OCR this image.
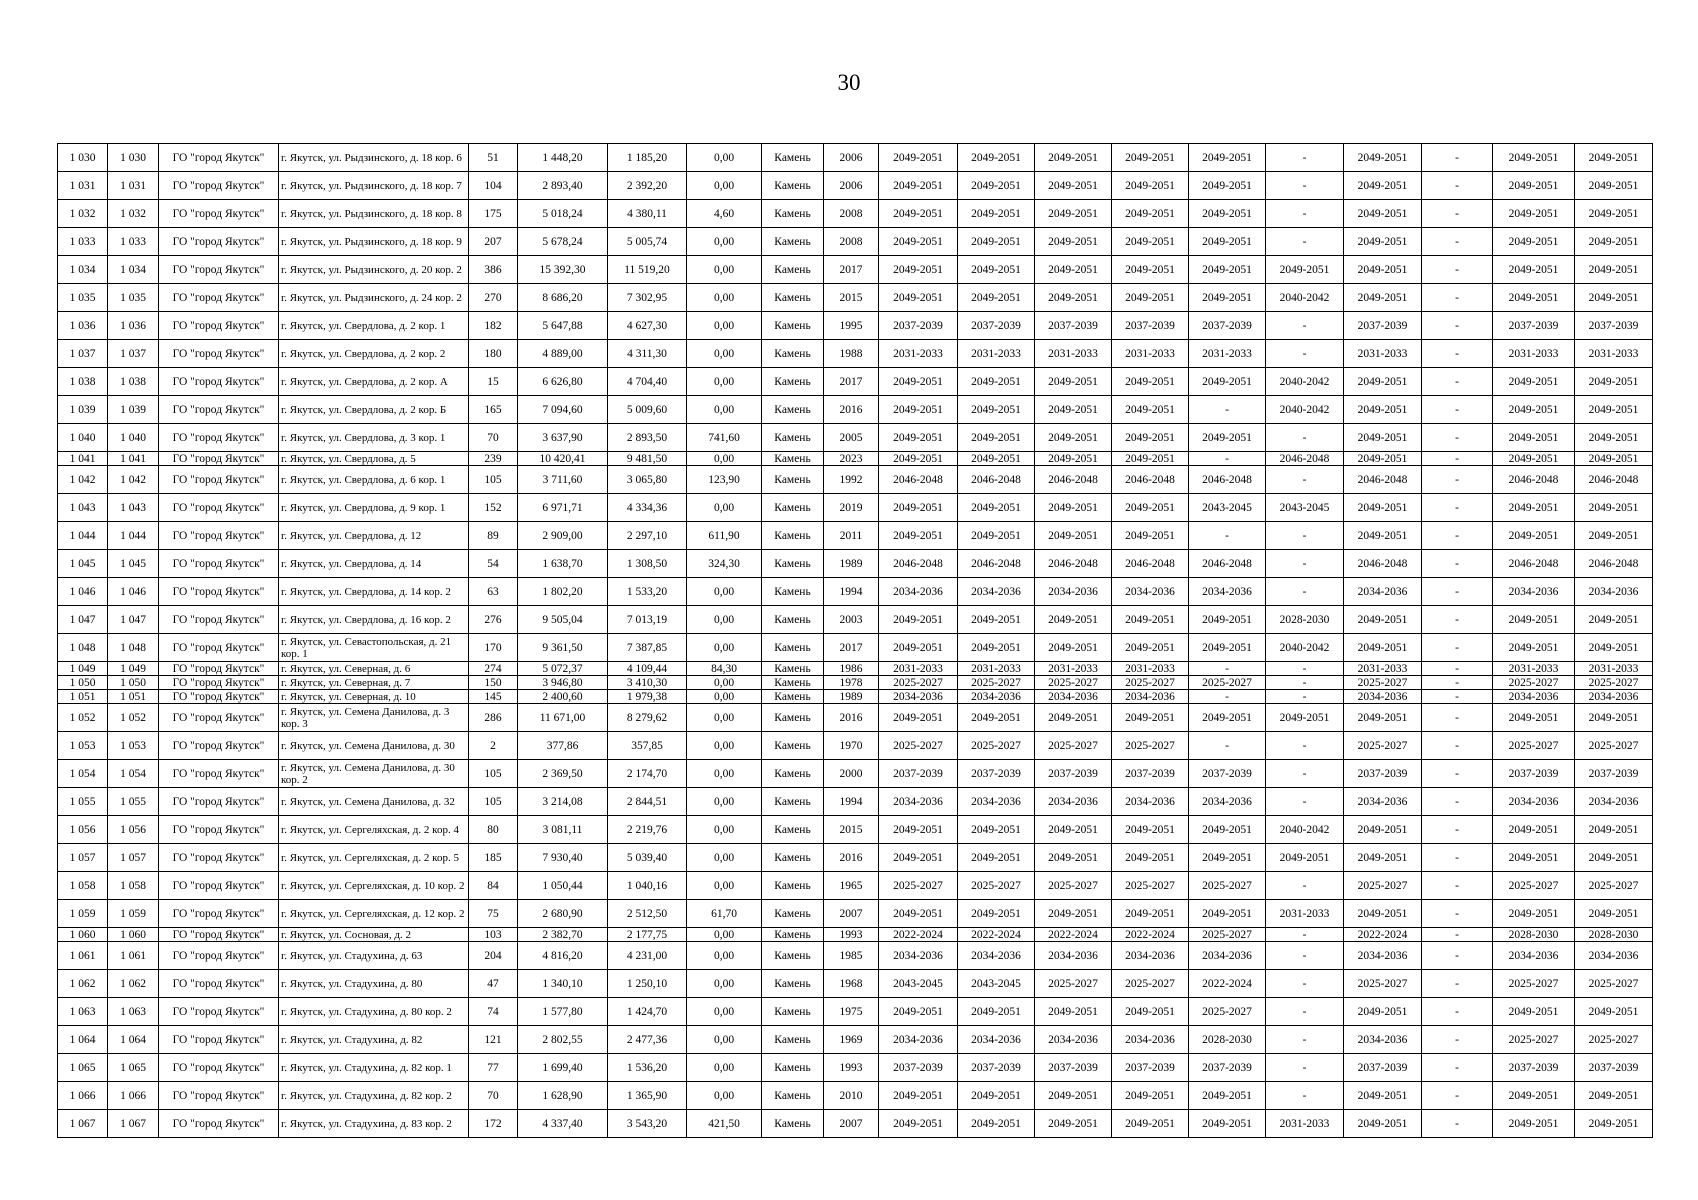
30
1 030	1 030	ГО "город Якутск"	г. Якутск, ул. Рыдзинского, д. 18 кор. 6	51	1 448,20	1 185,20	0,00	Камень	2006	2049-2051	2049-2051	2049-2051	2049-2051	2049-2051	-	2049-2051	-	2049-2051	2049-2051
1 031	1 031	ГО "город Якутск"	г. Якутск, ул. Рыдзинского, д. 18 кор. 7	104	2 893,40	2 392,20	0,00	Камень	2006	2049-2051	2049-2051	2049-2051	2049-2051	2049-2051	-	2049-2051	-	2049-2051	2049-2051
1 032	1 032	ГО "город Якутск"	г. Якутск, ул. Рыдзинского, д. 18 кор. 8	175	5 018,24	4 380,11	4,60	Камень	2008	2049-2051	2049-2051	2049-2051	2049-2051	2049-2051	-	2049-2051	-	2049-2051	2049-2051
1 033	1 033	ГО "город Якутск"	г. Якутск, ул. Рыдзинского, д. 18 кор. 9	207	5 678,24	5 005,74	0,00	Камень	2008	2049-2051	2049-2051	2049-2051	2049-2051	2049-2051	-	2049-2051	-	2049-2051	2049-2051
1 034	1 034	ГО "город Якутск"	г. Якутск, ул. Рыдзинского, д. 20 кор. 2	386	15 392,30	11 519,20	0,00	Камень	2017	2049-2051	2049-2051	2049-2051	2049-2051	2049-2051	2049-2051	2049-2051	-	2049-2051	2049-2051
1 035	1 035	ГО "город Якутск"	г. Якутск, ул. Рыдзинского, д. 24 кор. 2	270	8 686,20	7 302,95	0,00	Камень	2015	2049-2051	2049-2051	2049-2051	2049-2051	2049-2051	2040-2042	2049-2051	-	2049-2051	2049-2051
1 036	1 036	ГО "город Якутск"	г. Якутск, ул. Свердлова, д. 2 кор. 1	182	5 647,88	4 627,30	0,00	Камень	1995	2037-2039	2037-2039	2037-2039	2037-2039	2037-2039	-	2037-2039	-	2037-2039	2037-2039
1 037	1 037	ГО "город Якутск"	г. Якутск, ул. Свердлова, д. 2 кор. 2	180	4 889,00	4 311,30	0,00	Камень	1988	2031-2033	2031-2033	2031-2033	2031-2033	2031-2033	-	2031-2033	-	2031-2033	2031-2033
1 038	1 038	ГО "город Якутск"	г. Якутск, ул. Свердлова, д. 2 кор. А	15	6 626,80	4 704,40	0,00	Камень	2017	2049-2051	2049-2051	2049-2051	2049-2051	2049-2051	2040-2042	2049-2051	-	2049-2051	2049-2051
1 039	1 039	ГО "город Якутск"	г. Якутск, ул. Свердлова, д. 2 кор. Б	165	7 094,60	5 009,60	0,00	Камень	2016	2049-2051	2049-2051	2049-2051	2049-2051	-	2040-2042	2049-2051	-	2049-2051	2049-2051
1 040	1 040	ГО "город Якутск"	г. Якутск, ул. Свердлова, д. 3 кор. 1	70	3 637,90	2 893,50	741,60	Камень	2005	2049-2051	2049-2051	2049-2051	2049-2051	2049-2051	-	2049-2051	-	2049-2051	2049-2051
1 041	1 041	ГО "город Якутск"	г. Якутск, ул. Свердлова, д. 5	239	10 420,41	9 481,50	0,00	Камень	2023	2049-2051	2049-2051	2049-2051	2049-2051	-	2046-2048	2049-2051	-	2049-2051	2049-2051
1 042	1 042	ГО "город Якутск"	г. Якутск, ул. Свердлова, д. 6 кор. 1	105	3 711,60	3 065,80	123,90	Камень	1992	2046-2048	2046-2048	2046-2048	2046-2048	2046-2048	-	2046-2048	-	2046-2048	2046-2048
1 043	1 043	ГО "город Якутск"	г. Якутск, ул. Свердлова, д. 9 кор. 1	152	6 971,71	4 334,36	0,00	Камень	2019	2049-2051	2049-2051	2049-2051	2049-2051	2043-2045	2043-2045	2049-2051	-	2049-2051	2049-2051
1 044	1 044	ГО "город Якутск"	г. Якутск, ул. Свердлова, д. 12	89	2 909,00	2 297,10	611,90	Камень	2011	2049-2051	2049-2051	2049-2051	2049-2051	-	-	2049-2051	-	2049-2051	2049-2051
1 045	1 045	ГО "город Якутск"	г. Якутск, ул. Свердлова, д. 14	54	1 638,70	1 308,50	324,30	Камень	1989	2046-2048	2046-2048	2046-2048	2046-2048	2046-2048	-	2046-2048	-	2046-2048	2046-2048
1 046	1 046	ГО "город Якутск"	г. Якутск, ул. Свердлова, д. 14 кор. 2	63	1 802,20	1 533,20	0,00	Камень	1994	2034-2036	2034-2036	2034-2036	2034-2036	2034-2036	-	2034-2036	-	2034-2036	2034-2036
1 047	1 047	ГО "город Якутск"	г. Якутск, ул. Свердлова, д. 16 кор. 2	276	9 505,04	7 013,19	0,00	Камень	2003	2049-2051	2049-2051	2049-2051	2049-2051	2049-2051	2028-2030	2049-2051	-	2049-2051	2049-2051
1 048	1 048	ГО "город Якутск"	г. Якутск, ул. Севастопольская, д. 21 кор. 1	170	9 361,50	7 387,85	0,00	Камень	2017	2049-2051	2049-2051	2049-2051	2049-2051	2049-2051	2040-2042	2049-2051	-	2049-2051	2049-2051
1 049	1 049	ГО "город Якутск"	г. Якутск, ул. Северная, д. 6	274	5 072,37	4 109,44	84,30	Камень	1986	2031-2033	2031-2033	2031-2033	2031-2033	-	-	2031-2033	-	2031-2033	2031-2033
1 050	1 050	ГО "город Якутск"	г. Якутск, ул. Северная, д. 7	150	3 946,80	3 410,30	0,00	Камень	1978	2025-2027	2025-2027	2025-2027	2025-2027	2025-2027	-	2025-2027	-	2025-2027	2025-2027
1 051	1 051	ГО "город Якутск"	г. Якутск, ул. Северная, д. 10	145	2 400,60	1 979,38	0,00	Камень	1989	2034-2036	2034-2036	2034-2036	2034-2036	-	-	2034-2036	-	2034-2036	2034-2036
1 052	1 052	ГО "город Якутск"	г. Якутск, ул. Семена Данилова, д. 3 кор. 3	286	11 671,00	8 279,62	0,00	Камень	2016	2049-2051	2049-2051	2049-2051	2049-2051	2049-2051	2049-2051	2049-2051	-	2049-2051	2049-2051
1 053	1 053	ГО "город Якутск"	г. Якутск, ул. Семена Данилова, д. 30	2	377,86	357,85	0,00	Камень	1970	2025-2027	2025-2027	2025-2027	2025-2027	-	-	2025-2027	-	2025-2027	2025-2027
1 054	1 054	ГО "город Якутск"	г. Якутск, ул. Семена Данилова, д. 30 кор. 2	105	2 369,50	2 174,70	0,00	Камень	2000	2037-2039	2037-2039	2037-2039	2037-2039	2037-2039	-	2037-2039	-	2037-2039	2037-2039
1 055	1 055	ГО "город Якутск"	г. Якутск, ул. Семена Данилова, д. 32	105	3 214,08	2 844,51	0,00	Камень	1994	2034-2036	2034-2036	2034-2036	2034-2036	2034-2036	-	2034-2036	-	2034-2036	2034-2036
1 056	1 056	ГО "город Якутск"	г. Якутск, ул. Сергеляхская, д. 2 кор. 4	80	3 081,11	2 219,76	0,00	Камень	2015	2049-2051	2049-2051	2049-2051	2049-2051	2049-2051	2040-2042	2049-2051	-	2049-2051	2049-2051
1 057	1 057	ГО "город Якутск"	г. Якутск, ул. Сергеляхская, д. 2 кор. 5	185	7 930,40	5 039,40	0,00	Камень	2016	2049-2051	2049-2051	2049-2051	2049-2051	2049-2051	2049-2051	2049-2051	-	2049-2051	2049-2051
1 058	1 058	ГО "город Якутск"	г. Якутск, ул. Сергеляхская, д. 10 кор. 2	84	1 050,44	1 040,16	0,00	Камень	1965	2025-2027	2025-2027	2025-2027	2025-2027	2025-2027	-	2025-2027	-	2025-2027	2025-2027
1 059	1 059	ГО "город Якутск"	г. Якутск, ул. Сергеляхская, д. 12 кор. 2	75	2 680,90	2 512,50	61,70	Камень	2007	2049-2051	2049-2051	2049-2051	2049-2051	2049-2051	2031-2033	2049-2051	-	2049-2051	2049-2051
1 060	1 060	ГО "город Якутск"	г. Якутск, ул. Сосновая, д. 2	103	2 382,70	2 177,75	0,00	Камень	1993	2022-2024	2022-2024	2022-2024	2022-2024	2025-2027	-	2022-2024	-	2028-2030	2028-2030
1 061	1 061	ГО "город Якутск"	г. Якутск, ул. Стадухина, д. 63	204	4 816,20	4 231,00	0,00	Камень	1985	2034-2036	2034-2036	2034-2036	2034-2036	2034-2036	-	2034-2036	-	2034-2036	2034-2036
1 062	1 062	ГО "город Якутск"	г. Якутск, ул. Стадухина, д. 80	47	1 340,10	1 250,10	0,00	Камень	1968	2043-2045	2043-2045	2025-2027	2025-2027	2022-2024	-	2025-2027	-	2025-2027	2025-2027
1 063	1 063	ГО "город Якутск"	г. Якутск, ул. Стадухина, д. 80 кор. 2	74	1 577,80	1 424,70	0,00	Камень	1975	2049-2051	2049-2051	2049-2051	2049-2051	2025-2027	-	2049-2051	-	2049-2051	2049-2051
1 064	1 064	ГО "город Якутск"	г. Якутск, ул. Стадухина, д. 82	121	2 802,55	2 477,36	0,00	Камень	1969	2034-2036	2034-2036	2034-2036	2034-2036	2028-2030	-	2034-2036	-	2025-2027	2025-2027
1 065	1 065	ГО "город Якутск"	г. Якутск, ул. Стадухина, д. 82 кор. 1	77	1 699,40	1 536,20	0,00	Камень	1993	2037-2039	2037-2039	2037-2039	2037-2039	2037-2039	-	2037-2039	-	2037-2039	2037-2039
1 066	1 066	ГО "город Якутск"	г. Якутск, ул. Стадухина, д. 82 кор. 2	70	1 628,90	1 365,90	0,00	Камень	2010	2049-2051	2049-2051	2049-2051	2049-2051	2049-2051	-	2049-2051	-	2049-2051	2049-2051
1 067	1 067	ГО "город Якутск"	г. Якутск, ул. Стадухина, д. 83 кор. 2	172	4 337,40	3 543,20	421,50	Камень	2007	2049-2051	2049-2051	2049-2051	2049-2051	2049-2051	2031-2033	2049-2051	-	2049-2051	2049-2051
